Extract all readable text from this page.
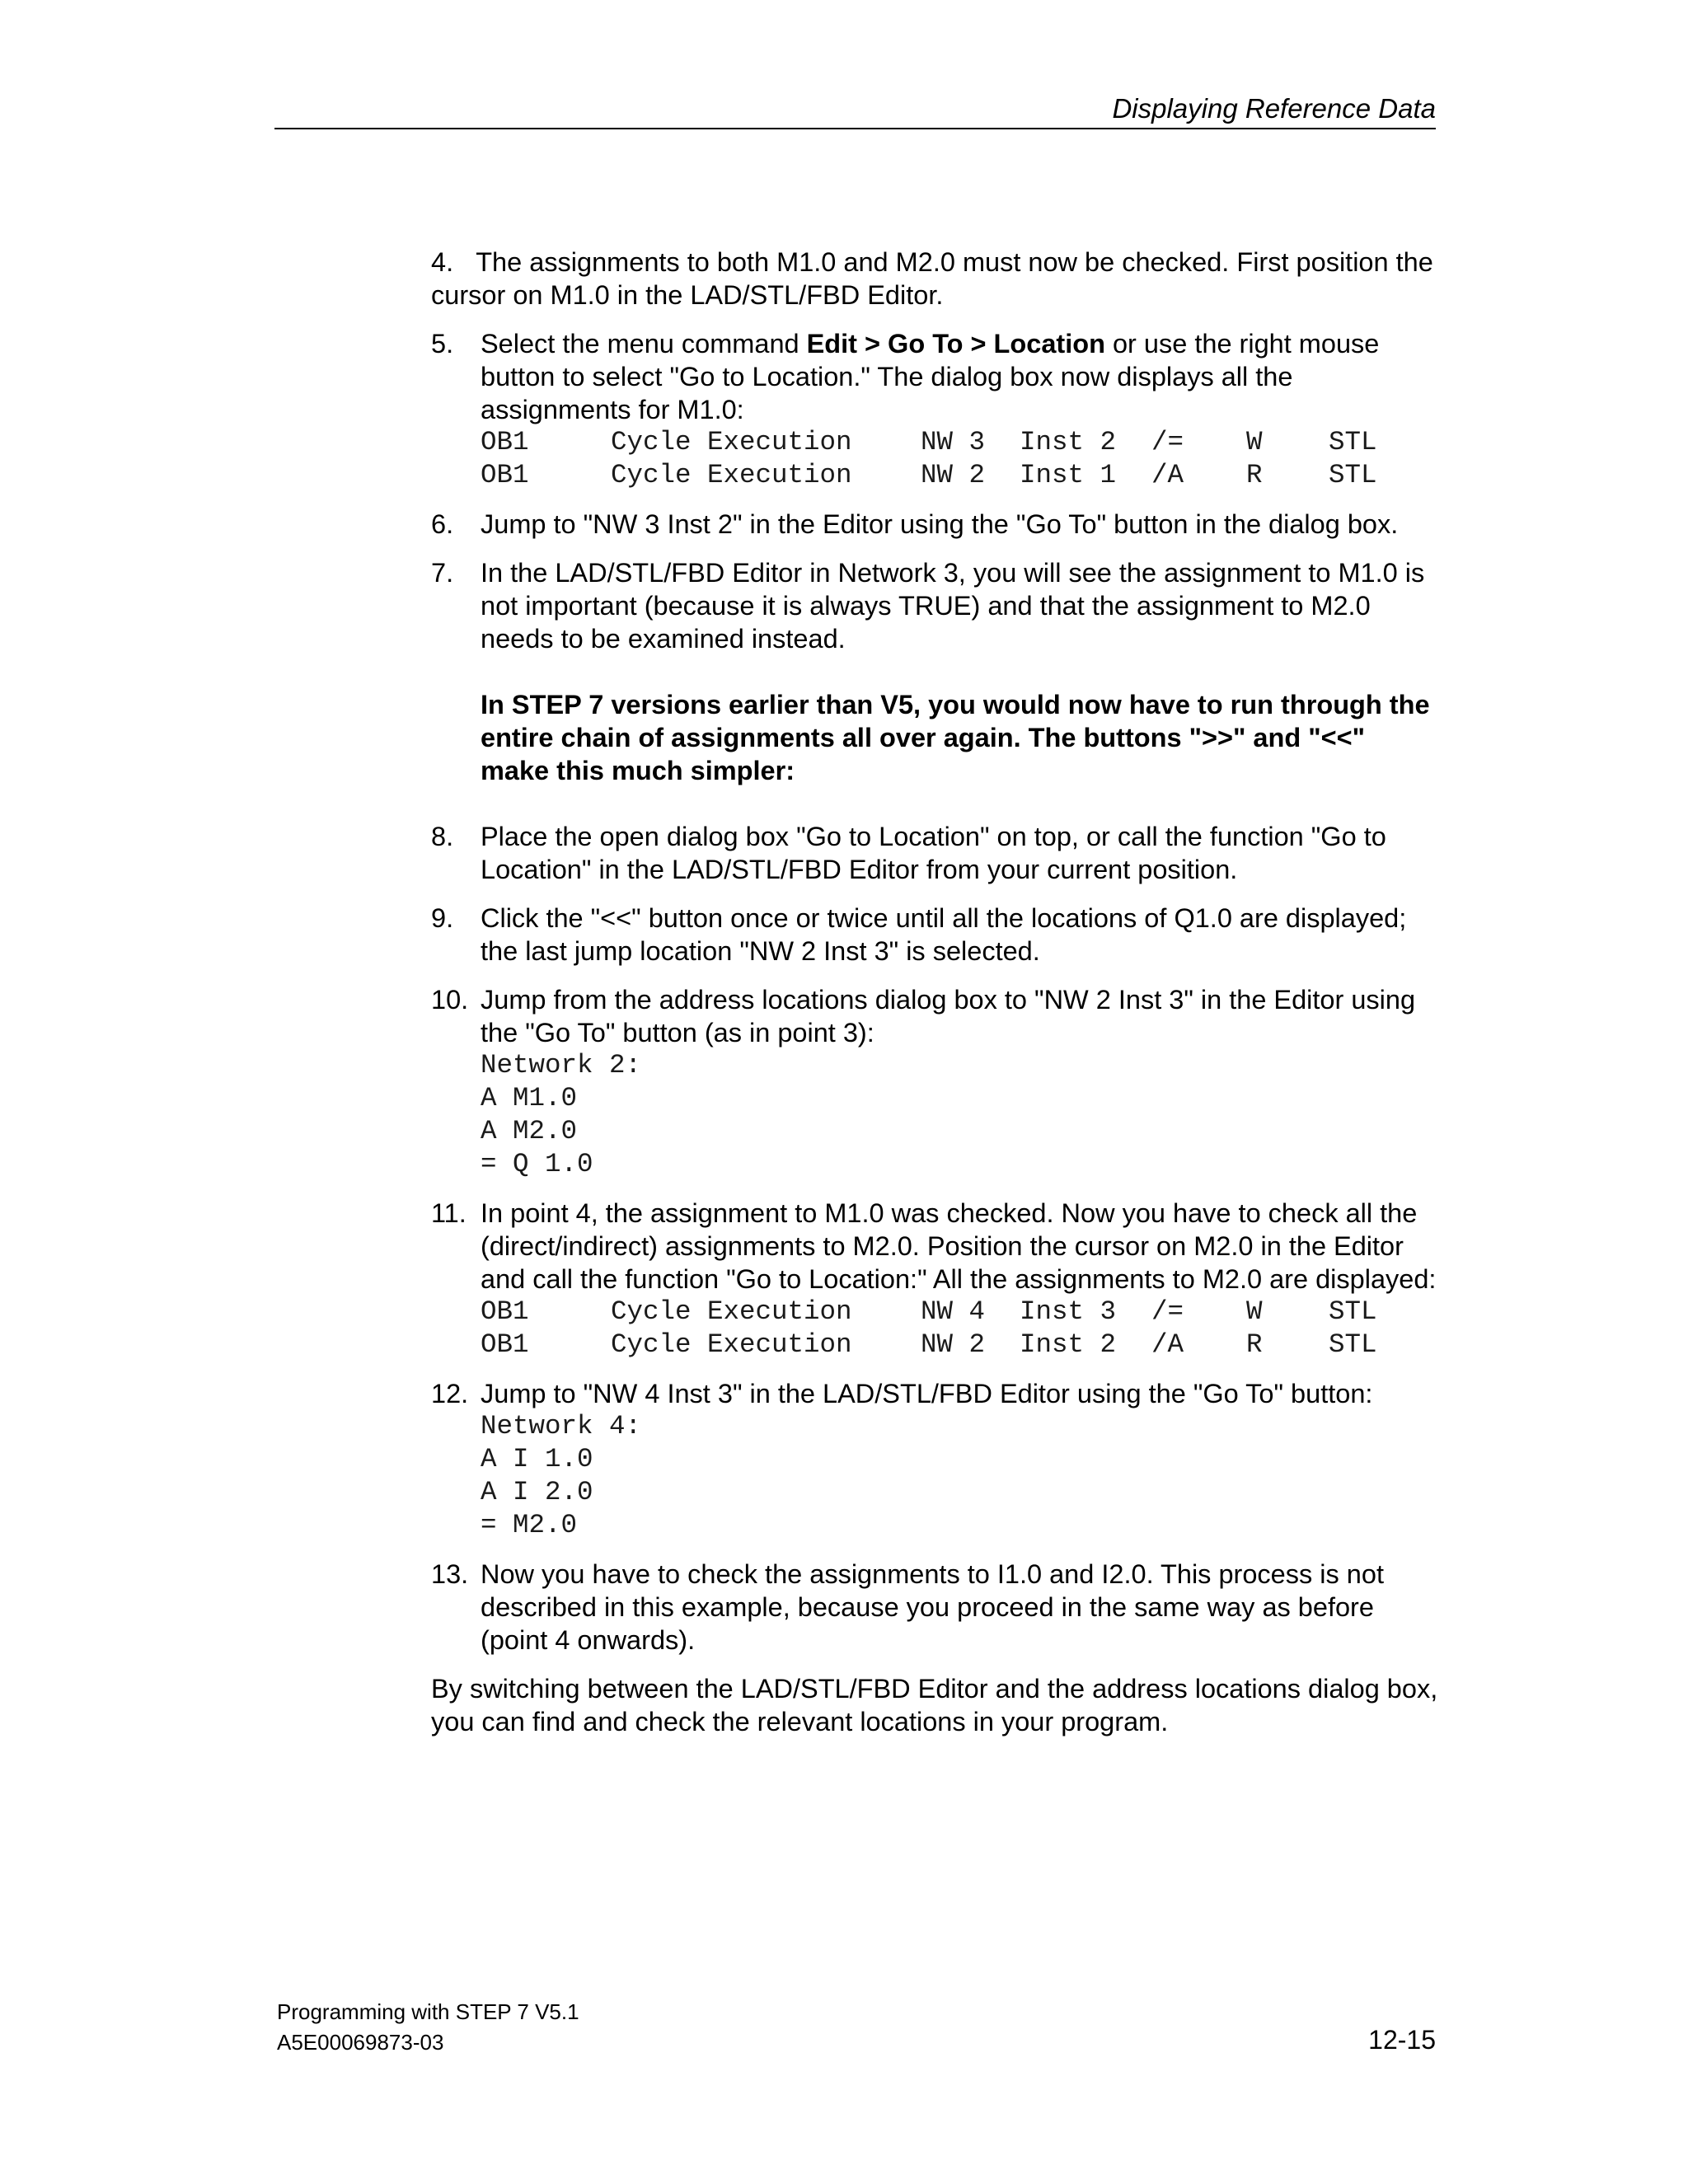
Displaying Reference Data

4. The assignments to both M1.0 and M2.0 must now be checked. First position the cursor on M1.0 in the LAD/STL/FBD Editor.

5.	Select the menu command Edit > Go To > Location or use the right mouse button to select "Go to Location." The dialog box now displays all the assignments for M1.0:
OB1	Cycle Execution	NW 3	Inst 2	/=	W	STL
OB1	Cycle Execution	NW 2	Inst 1	/A	R	STL
6.	Jump to "NW 3 Inst 2" in the Editor using the "Go To" button in the dialog box.
7.	In the LAD/STL/FBD Editor in Network 3, you will see the assignment to M1.0 is not important (because it is always TRUE) and that the assignment to M2.0 needs to be examined instead.
In STEP 7 versions earlier than V5, you would now have to run through the entire chain of assignments all over again. The buttons ">>" and "<<" make this much simpler:
8.	Place the open dialog box "Go to Location" on top, or call the function "Go to Location" in the LAD/STL/FBD Editor from your current position.
9.	Click the "<<" button once or twice until all the locations of Q1.0 are displayed; the last jump location "NW 2 Inst 3" is selected.
10. Jump from the address locations dialog box to "NW 2 Inst 3" in the Editor using the "Go To" button (as in point 3):
Network 2:
A M1.0
A M2.0
= Q 1.0
11. In point 4, the assignment to M1.0 was checked. Now you have to check all the (direct/indirect) assignments to M2.0. Position the cursor on M2.0 in the Editor and call the function "Go to Location:" All the assignments to M2.0 are displayed:
OB1	Cycle Execution	NW 4	Inst 3	/=	W	STL
OB1	Cycle Execution	NW 2	Inst 2	/A	R	STL
12. Jump to "NW 4 Inst 3" in the LAD/STL/FBD Editor using the "Go To" button:
Network 4:
A I 1.0
A I 2.0
= M2.0
13. Now you have to check the assignments to I1.0 and I2.0. This process is not described in this example, because you proceed in the same way as before (point 4 onwards).

By switching between the LAD/STL/FBD Editor and the address locations dialog box, you can find and check the relevant locations in your program.

Programming with STEP 7 V5.1
A5E00069873-03	12-15
